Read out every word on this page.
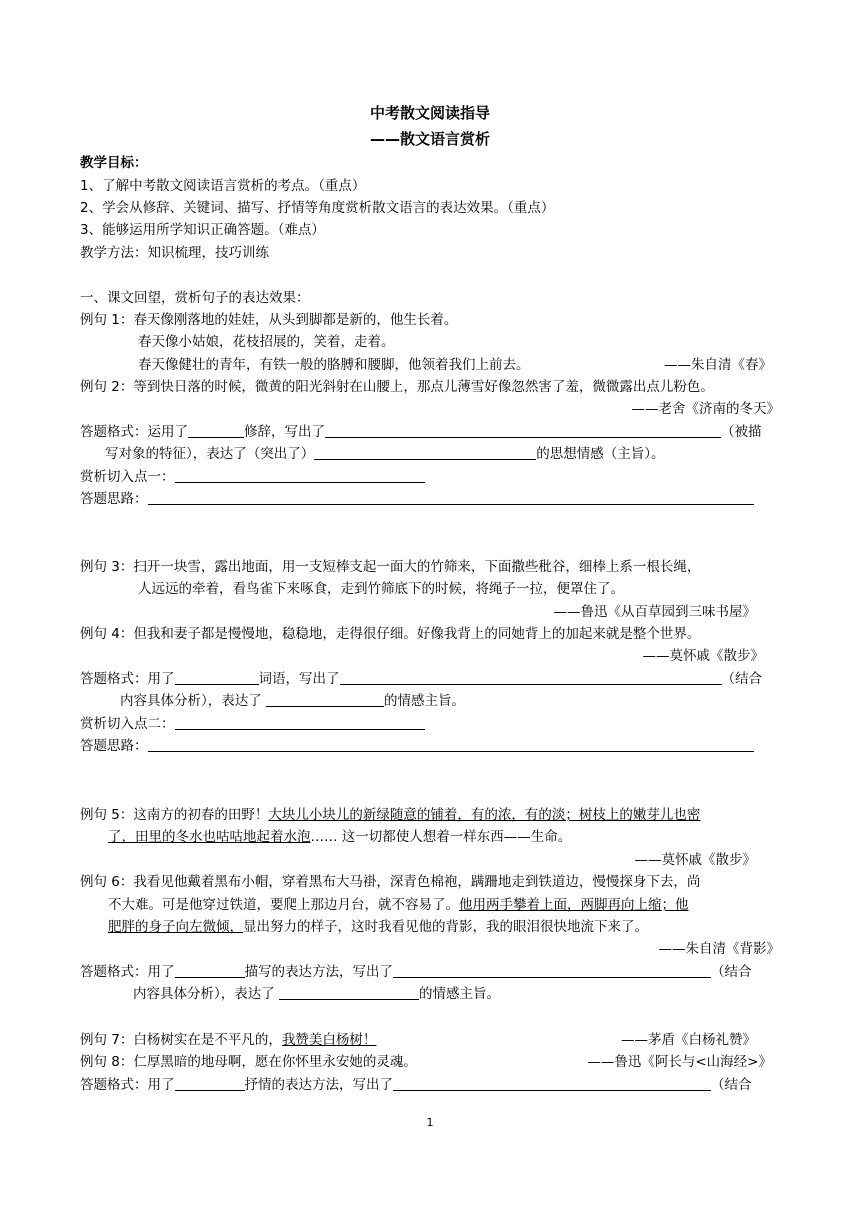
中考散文阅读指导
——散文语言赏析
教学目标：
1、了解中考散文阅读语言赏析的考点。（重点）
2、学会从修辞、关键词、描写、抒情等角度赏析散文语言的表达效果。（重点）
3、能够运用所学知识正确答题。（难点）
教学方法：知识梳理，技巧训练
一、课文回望，赏析句子的表达效果：
例句 1：春天像刚落地的娃娃，从头到脚都是新的，他生长着。
春天像小姑娘，花枝招展的，笑着，走着。
春天像健壮的青年，有铁一般的胳膊和腰脚，他领着我们上前去。	——朱自清《春》
例句 2：等到快日落的时候，微黄的阳光斜射在山腰上，那点儿薄雪好像忽然害了羞，微微露出点儿粉色。
——老舍《济南的冬天》
答题格式：运用了	修辞，写出了	（被描
写对象的特征），表达了（突出了）	的思想情感（主旨）。
赏析切入点一：
答题思路：
例句 3：扫开一块雪，露出地面，用一支短棒支起一面大的竹筛来，下面撒些秕谷，细棒上系一根长绳，
人远远的牵着，看鸟雀下来啄食，走到竹筛底下的时候，将绳子一拉，便罩住了。
——鲁迅《从百草园到三味书屋》
例句 4：但我和妻子都是慢慢地，稳稳地，走得很仔细。好像我背上的同她背上的加起来就是整个世界。
——莫怀戚《散步》
答题格式：用了	词语，写出了	（结合
内容具体分析），表达了	的情感主旨。
赏析切入点二：
答题思路：
例句 5：这南方的初春的田野！大块儿小块儿的新绿随意的铺着，有的浓，有的淡；树枝上的嫩芽儿也密
了，田里的冬水也咕咕地起着水泡…… 这一切都使人想着一样东西——生命。
——莫怀戚《散步》
例句 6：我看见他戴着黑布小帽，穿着黑布大马褂，深青色棉袍，蹒跚地走到铁道边，慢慢探身下去，尚
不大难。可是他穿过铁道，要爬上那边月台，就不容易了。他用两手攀着上面，两脚再向上缩；他
肥胖的身子向左微倾，显出努力的样子，这时我看见他的背影，我的眼泪很快地流下来了。
——朱自清《背影》
答题格式：用了	描写的表达方法，写出了	（结合
内容具体分析），表达了	的情感主旨。
例句 7：白杨树实在是不平凡的，我赞美白杨树！	——茅盾《白杨礼赞》
例句 8：仁厚黑暗的地母啊，愿在你怀里永安她的灵魂。	——鲁迅《阿长与<山海经>》
答题格式：用了	抒情的表达方法，写出了	（结合
1
